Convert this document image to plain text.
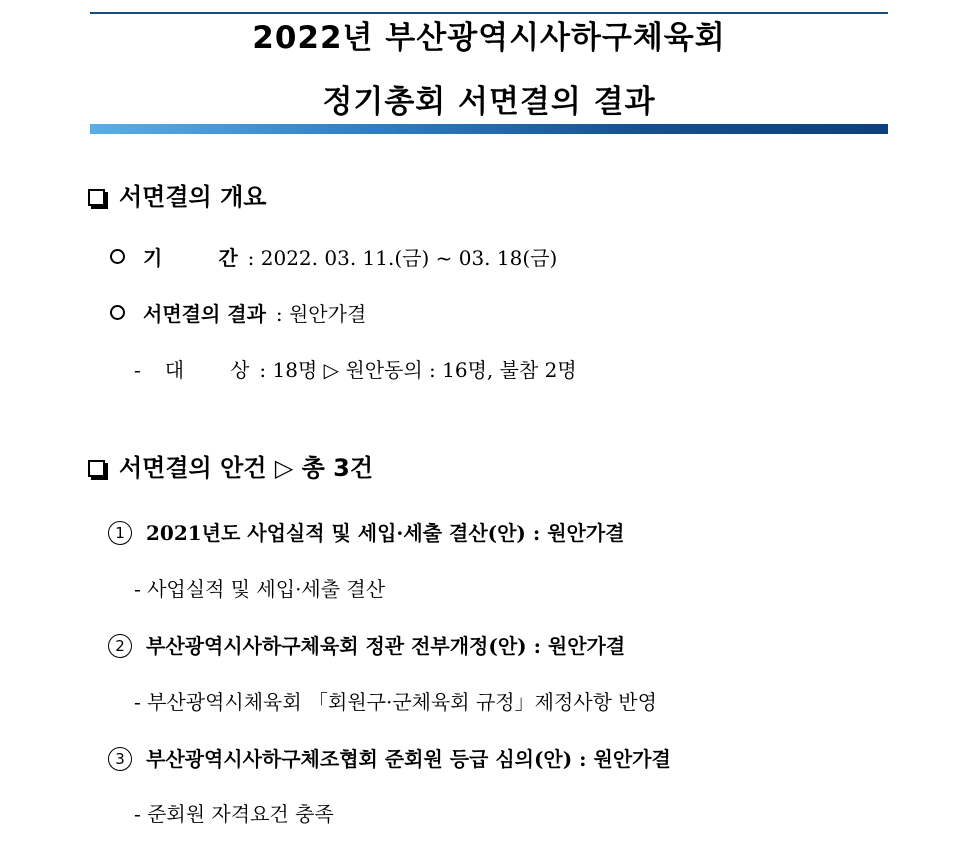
2022년 부산광역시사하구체육회
정기총회 서면결의 결과
서면결의 개요
기	간 : 2022. 03. 11.(금) ~ 03. 18(금)
서면결의 결과 : 원안가결
- 대 상 : 18명 ▷ 원안동의 : 16명, 불참 2명
서면결의 안건 ▷ 총 3건
1 2021년도 사업실적 및 세입·세출 결산(안) : 원안가결
- 사업실적 및 세입·세출 결산
2 부산광역시사하구체육회 정관 전부개정(안) : 원안가결
- 부산광역시체육회 「회원구·군체육회 규정」제정사항 반영
3 부산광역시사하구체조협회 준회원 등급 심의(안) : 원안가결
- 준회원 자격요건 충족
